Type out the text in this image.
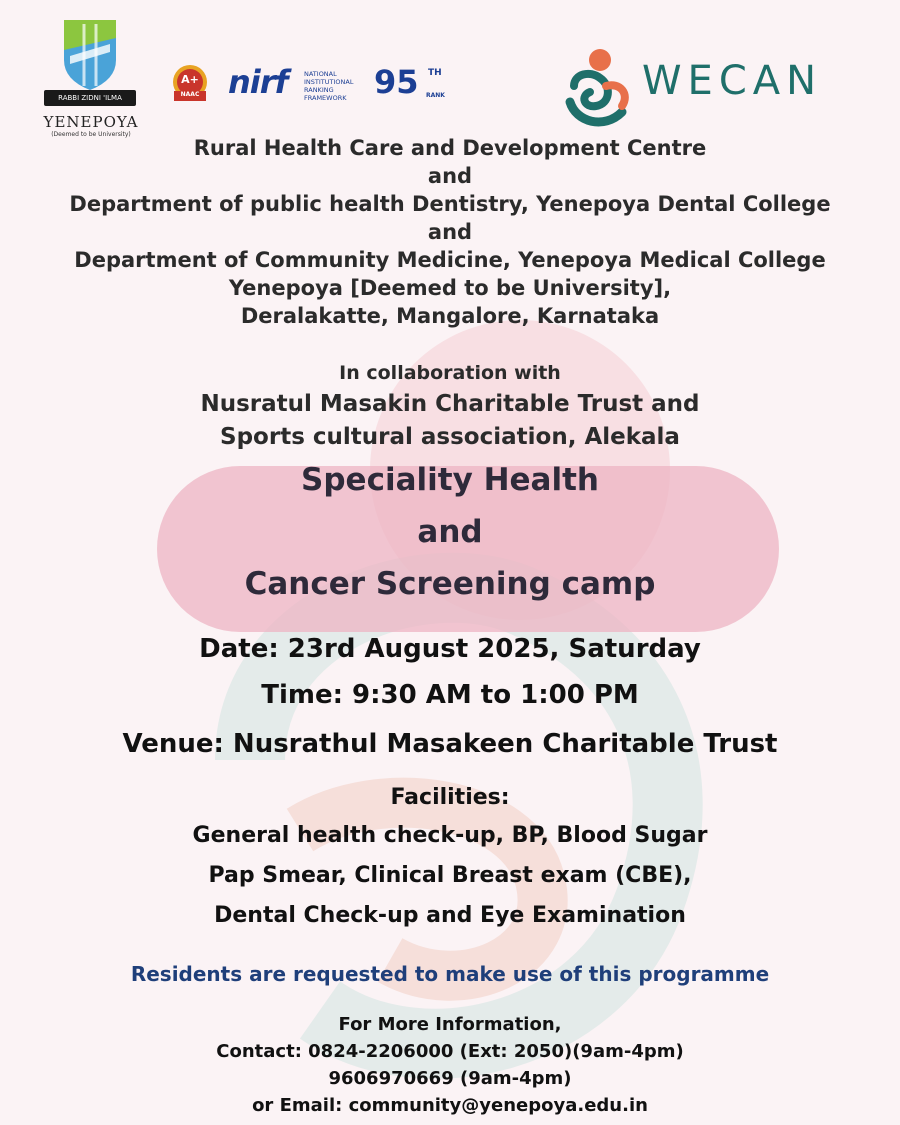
RABBI ZIDNI 'ILMA
YENEPOYA
(Deemed to be University)
A+
NAAC nirf	NATIONAL
INSTITUTIONAL
RANKING
FRAMEWORK 95 TH
RANK	WECAN
Rural Health Care and Development Centre
and
Department of public health Dentistry, Yenepoya Dental College
and
Department of Community Medicine, Yenepoya Medical College
Yenepoya [Deemed to be University],
Deralakatte, Mangalore, Karnataka
In collaboration with
Nusratul Masakin Charitable Trust and
Sports cultural association, Alekala
Speciality Health
and
Cancer Screening camp
Date: 23rd August 2025, Saturday
Time: 9:30 AM to 1:00 PM
Venue: Nusrathul Masakeen Charitable Trust
Facilities:
General health check-up, BP, Blood Sugar
Pap Smear, Clinical Breast exam (CBE),
Dental Check-up and Eye Examination
Residents are requested to make use of this programme
For More Information,
Contact: 0824-2206000 (Ext: 2050)(9am-4pm)
9606970669 (9am-4pm)
or Email: community@yenepoya.edu.in
